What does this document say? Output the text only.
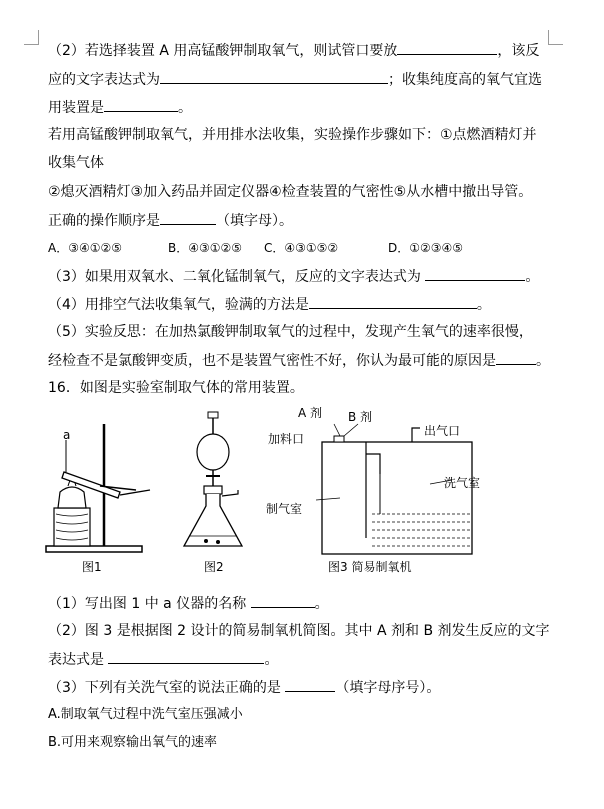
（2）若选择装置 A 用高锰酸钾制取氧气，则试管口要放	，该反
应的文字表达式为	；收集纯度高的氧气宜选
用装置是	。
若用高锰酸钾制取氧气，并用排水法收集，实验操作步骤如下：①点燃酒精灯并
收集气体
②熄灭酒精灯③加入药品并固定仪器④检查装置的气密性⑤从水槽中撤出导管。
正确的操作顺序是	（填字母）。
A．③④①②⑤	B．④③①②⑤ C．④③①⑤②	D．①②③④⑤
（3）如果用双氧水、二氧化锰制氧气，反应的文字表达式为	。
（4）用排空气法收集氧气，验满的方法是	。
（5）实验反思：在加热氯酸钾制取氧气的过程中，发现产生氧气的速率很慢，
经检查不是氯酸钾变质，也不是装置气密性不好，你认为最可能的原因是	。
16．如图是实验室制取气体的常用装置。
a
图1	图2
A 剂 B 剂
加料口
出气口
制气室
洗气室
图3 简易制氧机
（1）写出图 1 中 a 仪器的名称	。
（2）图 3 是根据图 2 设计的简易制氧机简图。其中 A 剂和 B 剂发生反应的文字
表达式是	。
（3）下列有关洗气室的说法正确的是	（填字母序号）。
A.制取氧气过程中洗气室压强减小
B.可用来观察输出氧气的速率
